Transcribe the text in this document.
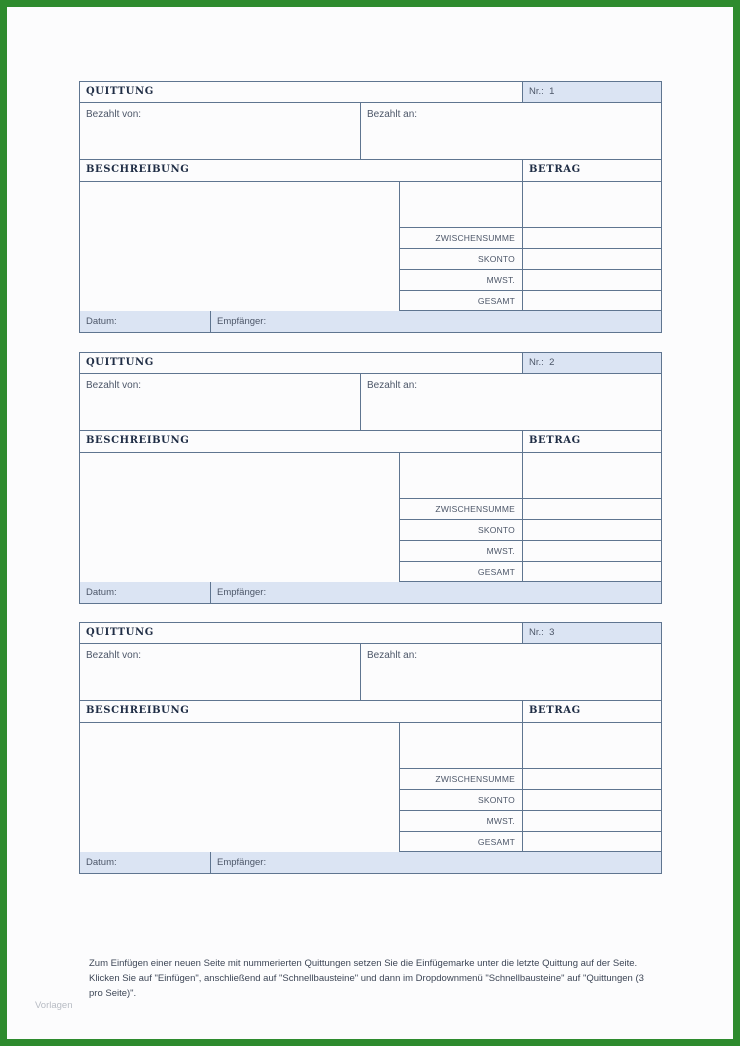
QUITTUNG	Nr.: 1
Bezahlt von:	Bezahlt an:
BESCHREIBUNG	BETRAG
ZWISCHENSUMME
SKONTO
MWST.
GESAMT
Datum:	Empfänger:
QUITTUNG	Nr.: 2
Bezahlt von:	Bezahlt an:
BESCHREIBUNG	BETRAG
ZWISCHENSUMME
SKONTO
MWST.
GESAMT
Datum:	Empfänger:
QUITTUNG	Nr.: 3
Bezahlt von:	Bezahlt an:
BESCHREIBUNG	BETRAG
ZWISCHENSUMME
SKONTO
MWST.
GESAMT
Datum:	Empfänger:
Zum Einfügen einer neuen Seite mit nummerierten Quittungen setzen Sie die Einfügemarke unter die letzte Quittung auf der Seite. Klicken Sie auf "Einfügen", anschließend auf "Schnellbausteine" und dann im Dropdownmenü "Schnellbausteine" auf "Quittungen (3 pro Seite)".
Vorlagen
